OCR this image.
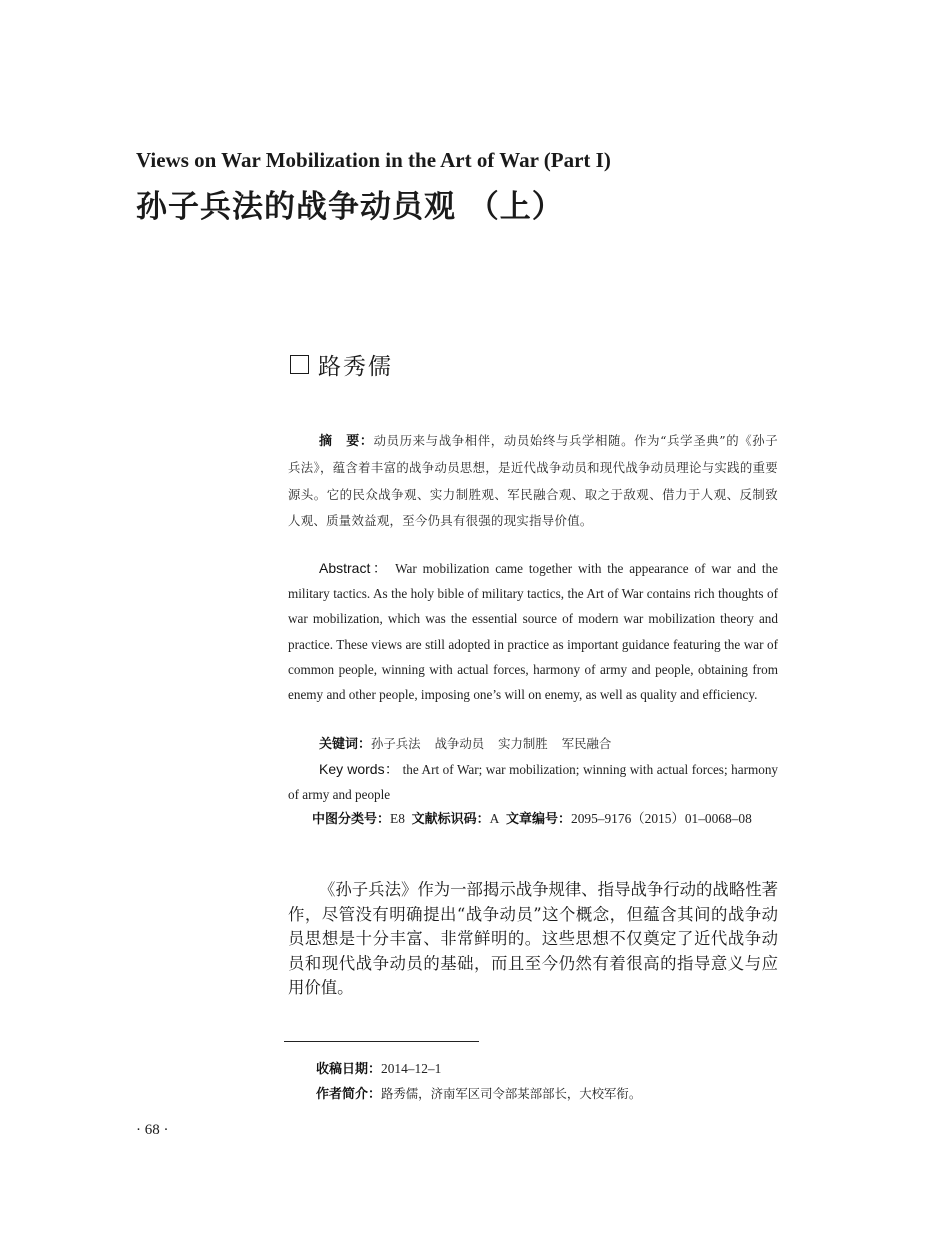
Views on War Mobilization in the Art of War (Part I)
孙子兵法的战争动员观 （上）
路秀儒

摘　要：动员历来与战争相伴，动员始终与兵学相随。作为“兵学圣典”的《孙子兵法》，蕴含着丰富的战争动员思想，是近代战争动员和现代战争动员理论与实践的重要源头。它的民众战争观、实力制胜观、军民融合观、取之于敌观、借力于人观、反制致人观、质量效益观，至今仍具有很强的现实指导价值。

Abstract： War mobilization came together with the appearance of war and the military tactics. As the holy bible of military tactics, the Art of War contains rich thoughts of war mobilization, which was the essential source of modern war mobilization theory and practice. These views are still adopted in practice as important guidance featuring the war of common people, winning with actual forces, harmony of army and people, obtaining from enemy and other people, imposing one’s will on enemy, as well as quality and efficiency.

关键词：孙子兵法 战争动员 实力制胜 军民融合

Key words： the Art of War; war mobilization; winning with actual forces; harmony of army and people

中图分类号：E8 文献标识码：A 文章编号：2095–9176（2015）01–0068–08

《孙子兵法》作为一部揭示战争规律、指导战争行动的战略性著作，尽管没有明确提出“战争动员”这个概念，但蕴含其间的战争动员思想是十分丰富、非常鲜明的。这些思想不仅奠定了近代战争动员和现代战争动员的基础，而且至今仍然有着很高的指导意义与应用价值。

收稿日期：2014–12–1
作者简介：路秀儒，济南军区司令部某部部长，大校军衔。
· 68 ·
